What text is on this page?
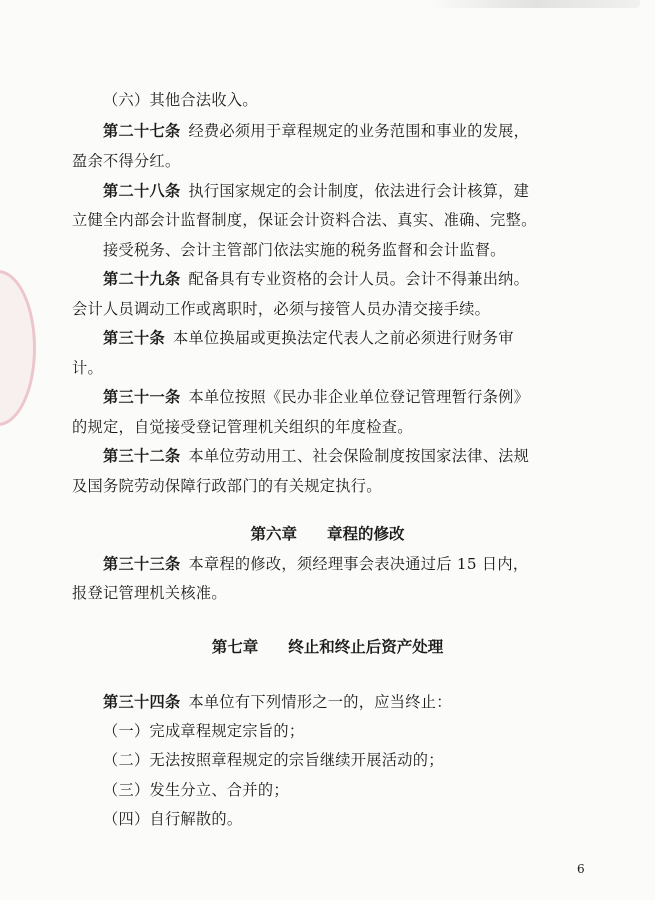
（六）其他合法收入。
第二十七条 经费必须用于章程规定的业务范围和事业的发展，
盈余不得分红。
第二十八条 执行国家规定的会计制度，依法进行会计核算，建
立健全内部会计监督制度，保证会计资料合法、真实、准确、完整。
接受税务、会计主管部门依法实施的税务监督和会计监督。
第二十九条 配备具有专业资格的会计人员。会计不得兼出纳。
会计人员调动工作或离职时，必须与接管人员办清交接手续。
第三十条 本单位换届或更换法定代表人之前必须进行财务审
计。
第三十一条 本单位按照《民办非企业单位登记管理暂行条例》
的规定，自觉接受登记管理机关组织的年度检查。
第三十二条 本单位劳动用工、社会保险制度按国家法律、法规
及国务院劳动保障行政部门的有关规定执行。
第六章 章程的修改
第三十三条 本章程的修改，须经理事会表决通过后 15 日内，
报登记管理机关核准。
第七章 终止和终止后资产处理
第三十四条 本单位有下列情形之一的，应当终止：
（一）完成章程规定宗旨的；
（二）无法按照章程规定的宗旨继续开展活动的；
（三）发生分立、合并的；
（四）自行解散的。
6
